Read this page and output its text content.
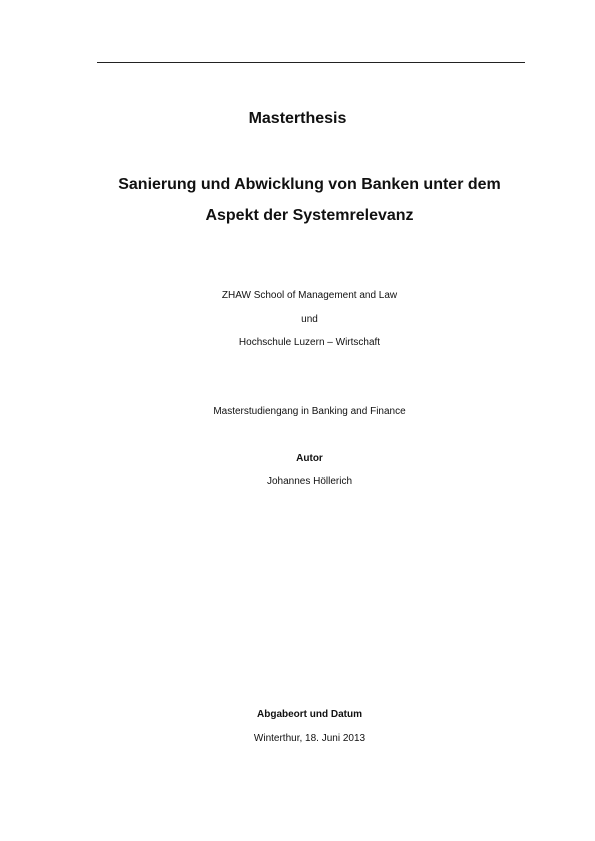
Masterthesis
Sanierung und Abwicklung von Banken unter dem
Aspekt der Systemrelevanz
ZHAW School of Management and Law
und
Hochschule Luzern – Wirtschaft
Masterstudiengang in Banking and Finance
Autor
Johannes Höllerich
Abgabeort und Datum
Winterthur, 18. Juni 2013
